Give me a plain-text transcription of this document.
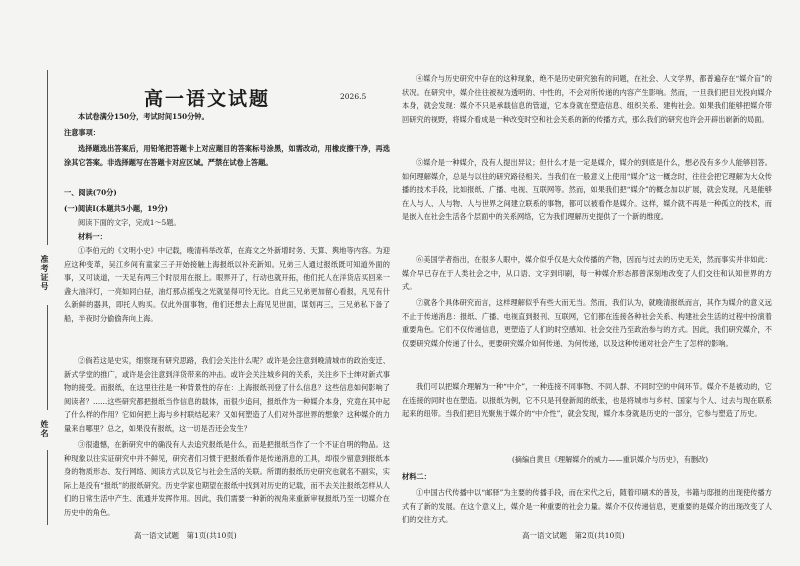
准考证号
姓名
高一语文试题	2026.5

本试卷满分150分，考试时间150分钟。

注意事项：

选择题选出答案后，用铅笔把答题卡上对应题目的答案标号涂黑，如需改动，用橡皮擦干净，再选涂其它答案。非选择题写在答题卡对应区域。严禁在试卷上答题。

一、阅读(70分)

(一)阅读Ⅰ(本题共5小题，19分)

阅读下面的文字，完成1～5题。

材料一：

①李伯元的《文明小史》中记载，晚清科举改革，在海文之外新增时务、天算、舆地等内容。为迎应这种变革，吴江乡间有童家三子开始接触上海报纸以补充新知。兄弟三人通过报纸既可知道外面的事，又可谈道，一天足有两三个时辰用在报上。眼界开了，行动也就开拓，他们托人在洋货店买回来一盏大油洋灯，一亮如同白昼，油灯那点摇曳之光就显得可怜无比。自此三兄弟更加留心看报，凡见有什么新鲜的器具，即托人购买。仅此外面事物，他们还想去上海见见世面，谋划再三，三兄弟私下备了船，半夜时分偷偷奔向上海。

②倘若这是史实，细察现有研究思路，我们会关注什么呢？或许是会注意到晚清城市的政治变迁、新式学堂的推广，或许是会注意到洋货带来的冲击。或许会关注城乡间的关系，关注乡下士绅对新式事物的接受。而报纸，在这里往往是一种背景性的存在：上海报纸刊登了什么信息？这些信息如何影响了阅读者？……这些研究都把报纸当作信息的载体，而很少追问，报纸作为一种媒介本身，究竟在其中起了什么样的作用？它如何把上海与乡村联结起来？又如何塑造了人们对外部世界的想象？这种媒介的力量来自哪里？总之，如果没有报纸，这一切是否还会发生？

③很遗憾，在新研究中的确没有人去追究报纸是什么，而是把报纸当作了一个不证自明的物品。这种现象以往实证研究中并不鲜见，研究者们习惯于把报纸看作是传递消息的工具，却很少留意到报纸本身的物质形态、发行网络、阅读方式以及它与社会生活的关联。所谓的报纸历史研究也就名不副实，实际上是没有“报纸”的报纸研究。历史学家也期望在报纸中找到对历史的记载，而不去关注报纸怎样从人们的日常生活中产生、流通并发挥作用。因此，我们需要一种新的视角来重新审视报纸乃至一切媒介在历史中的角色。

高一语文试题　第1页(共10页)

④媒介与历史研究中存在的这种现象，绝不是历史研究独有的问题，在社会、人文学界，都普遍存在“媒介盲”的状况。在研究中，媒介往往被视为透明的、中性的，不会对所传递的内容产生影响。然而，一旦我们把目光投向媒介本身，就会发现：媒介不只是承载信息的管道，它本身就在塑造信息、组织关系、建构社会。如果我们能够把媒介带回研究的视野，将媒介看成是一种改变时空和社会关系的新的传播方式，那么我们的研究也许会开辟出崭新的局面。

⑤媒介是一种媒介，没有人提出异议；但什么才是一定是媒介，媒介的到底是什么，想必没有多少人能够回答。如何理解媒介，总是与以往的研究路径相关。当我们在一般意义上使用“媒介”这一概念时，往往会把它理解为大众传播的技术手段，比如报纸、广播、电视、互联网等。然而，如果我们把“媒介”的概念加以扩展，就会发现，凡是能够在人与人、人与物、人与世界之间建立联系的事物，都可以被看作是媒介。这样，媒介就不再是一种孤立的技术，而是嵌入在社会生活各个层面中的关系网络，它为我们理解历史提供了一个新的维度。

⑥美国学者指出，在很多人眼中，媒介似乎仅是大众传播的产物，因而与过去的历史无关，然而事实并非如此：媒介早已存在于人类社会之中，从口语、文字到印刷，每一种媒介形态都曾深刻地改变了人们交往和认知世界的方式。

⑦就各个具体研究而言，这样理解似乎有些大而无当。然而，我们认为，就晚清报纸而言，其作为媒介的意义远不止于传递消息：报纸、广播、电视直到报刊、互联网，它们都在连接各种社会关系、构建社会生活的过程中扮演着重要角色。它们不仅传递信息，更塑造了人们的时空感知、社会交往乃至政治参与的方式。因此，我们研究媒介，不仅要研究媒介传递了什么，更要研究媒介如何传递、为何传递，以及这种传递对社会产生了怎样的影响。

我们可以把媒介理解为一种“中介”，一种连接不同事物、不同人群、不同时空的中间环节。媒介不是被动的，它在连接的同时也在塑造。以报纸为例，它不只是刊登新闻的纸张，也是将城市与乡村、国家与个人、过去与现在联系起来的纽带。当我们把目光聚焦于媒介的“中介性”，就会发现，媒介本身就是历史的一部分，它参与塑造了历史。

(摘编自黄旦《理解媒介的威力——重识媒介与历史》，有删改)

材料二：

①中国古代传播中以“邮驿”为主要的传播手段，而在宋代之后，随着印刷术的普及，书籍与邸报的出现使传播方式有了新的发展。在这个意义上，媒介是一种重要的社会力量。媒介不仅传递信息，更重要的是媒介的出现改变了人们的交往方式。

高一语文试题　第2页(共10页)
